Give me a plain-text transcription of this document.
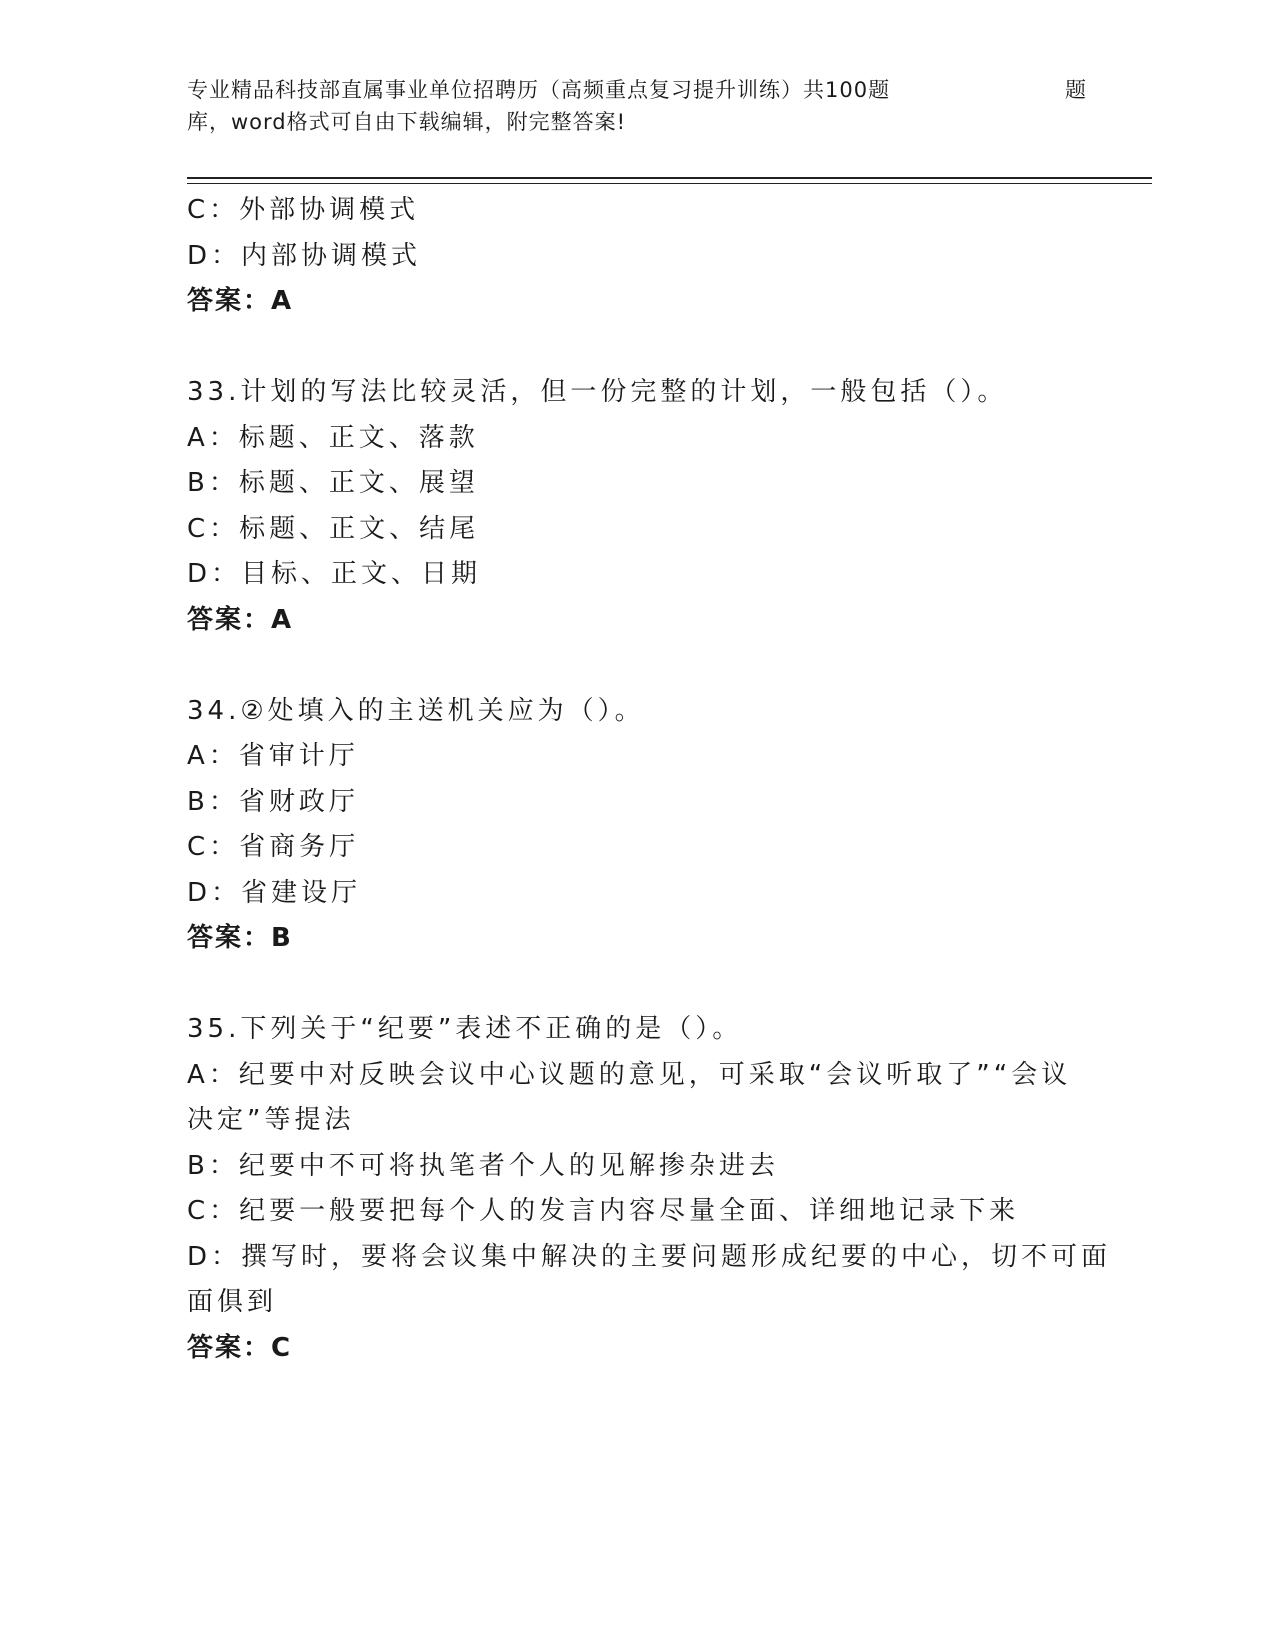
专业精品科技部直属事业单位招聘历（高频重点复习提升训练）共100题	题
库，word格式可自由下载编辑，附完整答案!
C：外部协调模式
D：内部协调模式
答案：A
33.计划的写法比较灵活，但一份完整的计划，一般包括（）。
A：标题、正文、落款
B：标题、正文、展望
C：标题、正文、结尾
D：目标、正文、日期
答案：A
34.②处填入的主送机关应为（）。
A：省审计厅
B：省财政厅
C：省商务厅
D：省建设厅
答案：B
35.下列关于“纪要”表述不正确的是（）。
A：纪要中对反映会议中心议题的意见，可采取“会议听取了”“会议
决定”等提法
B：纪要中不可将执笔者个人的见解掺杂进去
C：纪要一般要把每个人的发言内容尽量全面、详细地记录下来
D：撰写时，要将会议集中解决的主要问题形成纪要的中心，切不可面
面俱到
答案：C
